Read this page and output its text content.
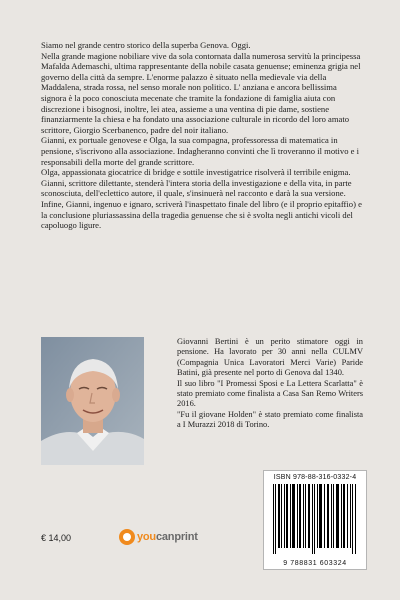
Siamo nel grande centro storico della superba Genova. Oggi.

Nella grande magione nobiliare vive da sola contornata dalla numerosa servitù la principessa Mafalda Ademaschi, ultima rappresentante della nobile casata genuense; eminenza grigia nel governo della città da sempre. L'enorme palazzo è situato nella medievale via della Maddalena, strada rossa, nel senso morale non politico. L' anziana e ancora bellissima signora è la poco conosciuta mecenate che tramite la fondazione di famiglia aiuta con discrezione i bisognosi, inoltre, lei atea, assieme a una ventina di pie dame, sostiene finanziarmente la chiesa e ha fondato una associazione culturale in ricordo del loro amato scrittore, Giorgio Scerbanenco, padre del noir italiano.

Gianni, ex portuale genovese e Olga, la sua compagna, professoressa di matematica in pensione, s'iscrivono alla associazione. Indagheranno convinti che lì troveranno il motivo e i responsabili della morte del grande scrittore.

Olga, appassionata giocatrice di bridge e sottile investigatrice risolverà il terribile enigma.

Gianni, scrittore dilettante, stenderà l'intera storia della investigazione e della vita, in parte sconosciuta, dell'eclettico autore, il quale, s'insinuerà nel racconto e darà la sua versione.

Infine, Gianni, ingenuo e ignaro, scriverà l'inaspettato finale del libro (e il proprio epitaffio) e la conclusione pluriassassina della tragedia genuense che si è svolta negli antichi vicoli del capoluogo ligure.

Giovanni Bertini è un perito stimatore oggi in pensione. Ha lavorato per 30 anni nella CULMV (Compagnia Unica Lavoratori Merci Varie) Paride Batini, già presente nel porto di Genova dal 1340.

Il suo libro "I Promessi Sposi e La Lettera Scarlatta" è stato premiato come finalista a Casa San Remo Writers 2016.

"Fu il giovane Holden" è stato premiato come finalista a I Murazzi 2018 di Torino.

ISBN 978-88-316-0332-4
9 788831 603324
€ 14,00	you canprint
